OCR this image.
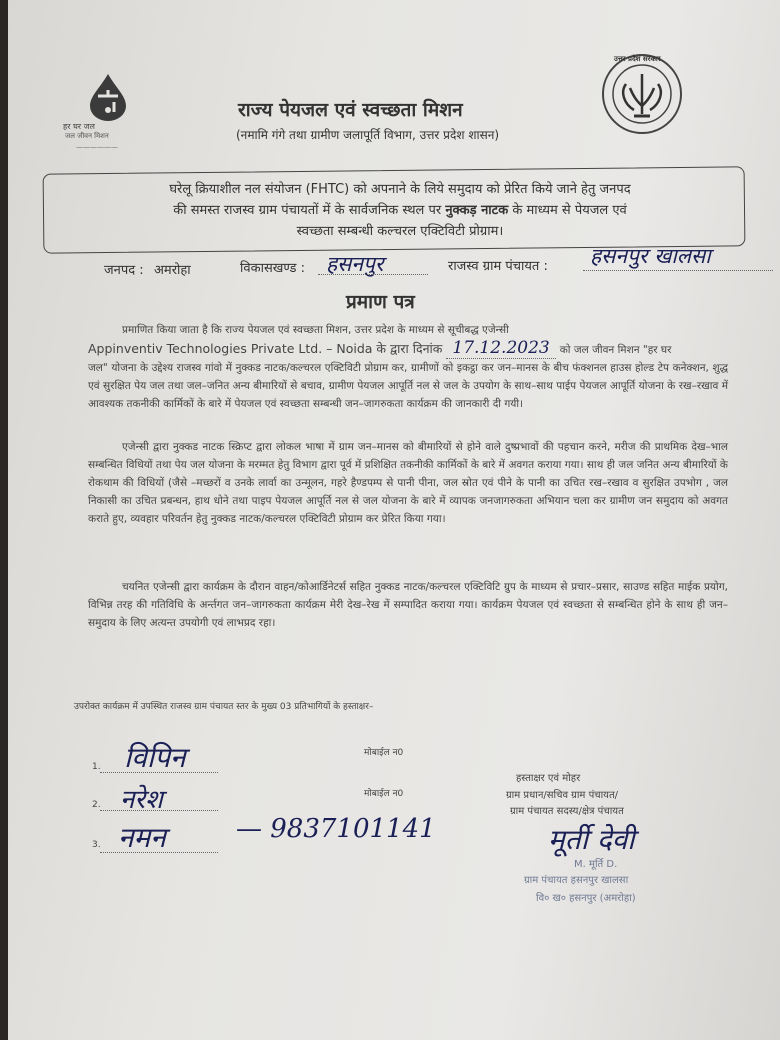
हर घर जल
जल जीवन मिशन
——————
राज्य पेयजल एवं स्वच्छता मिशन
(नमामि गंगे तथा ग्रामीण जलापूर्ति विभाग, उत्तर प्रदेश शासन)
उत्तर प्रदेश सरकार
घरेलू क्रियाशील नल संयोजन (FHTC) को अपनाने के लिये समुदाय को प्रेरित किये जाने हेतु जनपद
की समस्त राजस्व ग्राम पंचायतों में के सार्वजनिक स्थल पर नुक्कड़ नाटक के माध्यम से पेयजल एवं
स्वच्छता सम्बन्धी कल्चरल एक्टिविटी प्रोग्राम।
जनपद : अमरोहा	विकासखण्ड : हसनपुर	राजस्व ग्राम पंचायत : हसनपुर खालसा
प्रमाण पत्र

प्रमाणित किया जाता है कि राज्य पेयजल एवं स्वच्छता मिशन, उत्तर प्रदेश के माध्यम से सूचीबद्ध एजेन्सी

Appinventiv Technologies Private Ltd. – Noida के द्वारा दिनांक 17.12.2023 को जल जीवन मिशन "हर घर
जल" योजना के उद्देश्य राजस्व गांवो में नुक्कड नाटक/कल्चरल एक्टिविटी प्रोग्राम कर, ग्रामीणों को इकट्ठा कर जन–मानस के बीच फंक्शनल हाउस होल्ड टेप कनेक्शन, शुद्ध एवं सुरक्षित पेय जल तथा जल–जनित अन्य बीमारियों से बचाव, ग्रामीण पेयजल आपूर्ति नल से जल के उपयोग के साथ–साथ पाईप पेयजल आपूर्ति योजना के रख–रखाव में आवश्यक तकनीकी कार्मिकों के बारे में पेयजल एवं स्वच्छता सम्बन्धी जन–जागरुकता कार्यक्रम की जानकारी दी गयी।

एजेन्सी द्वारा नुक्कड नाटक स्क्रिप्ट द्वारा लोकल भाषा में ग्राम जन–मानस को बीमारियों से होने वाले दुष्प्रभावों की पहचान करने, मरीज की प्राथमिक देख–भाल सम्बन्धित विधियों तथा पेय जल योजना के मरम्मत हेतु विभाग द्वारा पूर्व में प्रशिक्षित तकनीकी कार्मिकों के बारे में अवगत कराया गया। साथ ही जल जनित अन्य बीमारियों के रोकथाम की विधियों (जैसे –मच्छरों व उनके लार्वा का उन्मूलन, गहरे हैण्डपम्प से पानी पीना, जल स्रोत एवं पीने के पानी का उचित रख–रखाव व सुरक्षित उपभोग , जल निकासी का उचित प्रबन्धन, हाथ धोने तथा पाइप पेयजल आपूर्ति नल से जल योजना के बारे में व्यापक जनजागरुकता अभियान चला कर ग्रामीण जन समुदाय को अवगत कराते हुए, व्यवहार परिवर्तन हेतु नुक्कड नाटक/कल्चरल एक्टिविटी प्रोग्राम कर प्रेरित किया गया।

चयनित एजेन्सी द्वारा कार्यक्रम के दौरान वाहन/कोआर्डिनेटर्स सहित नुक्कड नाटक/कल्चरल एक्टिविटि ग्रुप के माध्यम से प्रचार–प्रसार, साउण्ड सहित माईक प्रयोग, विभिन्न तरह की गतिविधि के अर्न्तगत जन–जागरुकता कार्यक्रम मेरी देख–रेख में सम्पादित कराया गया। कार्यक्रम पेयजल एवं स्वच्छता से सम्बन्धित होने के साथ ही जन–समुदाय के लिए अत्यन्त उपयोगी एवं लाभप्रद रहा।

उपरोक्त कार्यक्रम में उपस्थित राजस्व ग्राम पंचायत स्तर के मुख्य 03 प्रतिभागियों के हस्ताक्षर–
1. विपिन	मोबाईल न0
2. नरेश	मोबाईल न0
3. नमन	— 9837101141
हस्ताक्षर एवं मोहर
ग्राम प्रधान/सचिव ग्राम पंचायत/
ग्राम पंचायत सदस्य/क्षेत्र पंचायत
मूर्ती देवी
M. मूर्ति D.
ग्राम पंचायत हसनपुर खालसा
वि० ख० हसनपुर (अमरोहा)
